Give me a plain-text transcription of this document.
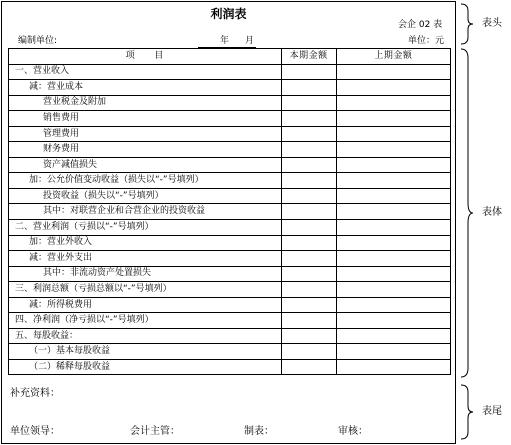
利润表
会企 02 表
编制单位:	年 月	单位：元
项　　目	本期金额	上期金额
一、营业收入		
减：营业成本		
营业税金及附加		
销售费用		
管理费用		
财务费用		
资产减值损失		
加：公允价值变动收益（损失以“-”号填列）		
投资收益（损失以“-”号填列）		
其中：对联营企业和合营企业的投资收益		
二、营业利润（亏损以“-”号填列）		
加：营业外收入		
减：营业外支出		
其中：非流动资产处置损失		
三、利润总额（亏损总额以“-”号填列）		
减：所得税费用		
四、净利润（净亏损以“-”号填列）		
五、每股收益：		
（一）基本每股收益		
（二）稀释每股收益		
补充资料：
单位领导：	会计主管：	制表：	审核：
表头
表体
表尾
